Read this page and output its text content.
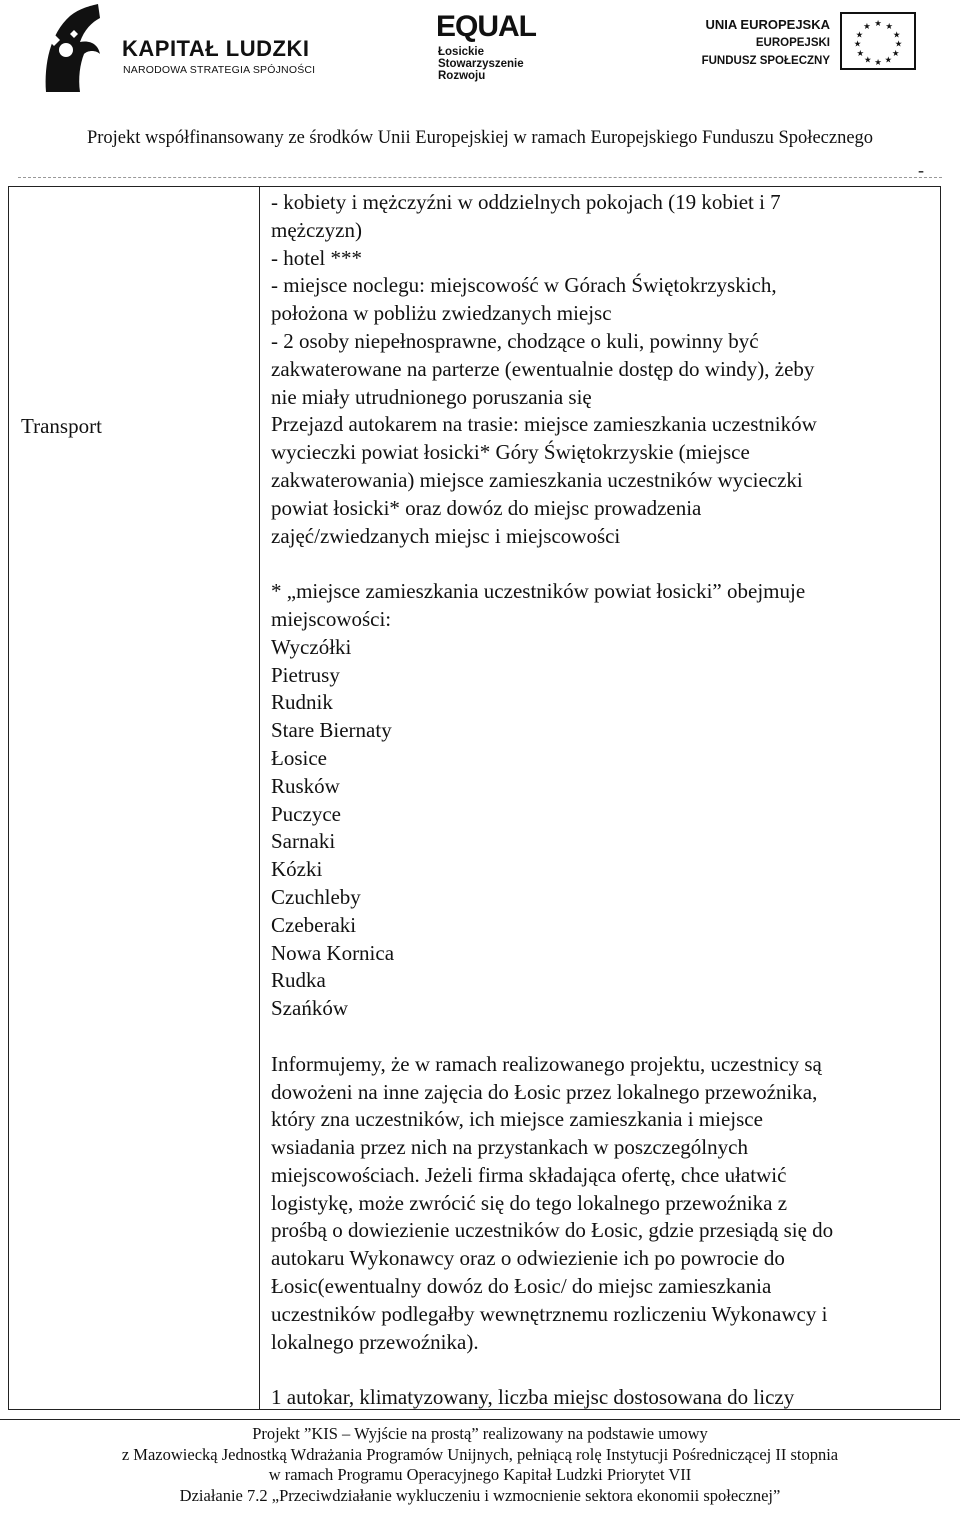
KAPITAŁ LUDZKI
NARODOWA STRATEGIA SPÓJNOŚCI
EQUAL
Łosickie
Stowarzyszenie
Rozwoju
UNIA EUROPEJSKA
EUROPEJSKI
FUNDUSZ SPOŁECZNY
★ ★
★
★
★
★
★
★
★
★
★
★
Projekt współfinansowany ze środków Unii Europejskiej w ramach Europejskiego Funduszu Społecznego
-
Transport
- kobiety i mężczyźni w oddzielnych pokojach (19 kobiet i 7
mężczyzn)
- hotel ***
- miejsce noclegu: miejscowość w Górach Świętokrzyskich,
położona w pobliżu zwiedzanych miejsc
- 2 osoby niepełnosprawne, chodzące o kuli, powinny być
zakwaterowane na parterze (ewentualnie dostęp do windy), żeby
nie miały utrudnionego poruszania się
Przejazd autokarem na trasie: miejsce zamieszkania uczestników
wycieczki powiat łosicki* Góry Świętokrzyskie (miejsce
zakwaterowania) miejsce zamieszkania uczestników wycieczki
powiat łosicki* oraz dowóz do miejsc prowadzenia
zajęć/zwiedzanych miejsc i miejscowości
* „miejsce zamieszkania uczestników powiat łosicki” obejmuje
miejscowości:
Wyczółki
Pietrusy
Rudnik
Stare Biernaty
Łosice
Rusków
Puczyce
Sarnaki
Kózki
Czuchleby
Czeberaki
Nowa Kornica
Rudka
Szańków
Informujemy, że w ramach realizowanego projektu, uczestnicy są
dowożeni na inne zajęcia do Łosic przez lokalnego przewoźnika,
który zna uczestników, ich miejsce zamieszkania i miejsce
wsiadania przez nich na przystankach w poszczególnych
miejscowościach. Jeżeli firma składająca ofertę, chce ułatwić
logistykę, może zwrócić się do tego lokalnego przewoźnika z
prośbą o dowiezienie uczestników do Łosic, gdzie przesiądą się do
autokaru Wykonawcy oraz o odwiezienie ich po powrocie do
Łosic(ewentualny dowóz do Łosic/ do miejsc zamieszkania
uczestników podlegałby wewnętrznemu rozliczeniu Wykonawcy i
lokalnego przewoźnika).
1 autokar, klimatyzowany, liczba miejsc dostosowana do liczy
Projekt ”KIS – Wyjście na prostą” realizowany na podstawie umowy
z Mazowiecką Jednostką Wdrażania Programów Unijnych, pełniącą rolę Instytucji Pośredniczącej II stopnia
w ramach Programu Operacyjnego Kapitał Ludzki Priorytet VII
Działanie 7.2 „Przeciwdziałanie wykluczeniu i wzmocnienie sektora ekonomii społecznej”
